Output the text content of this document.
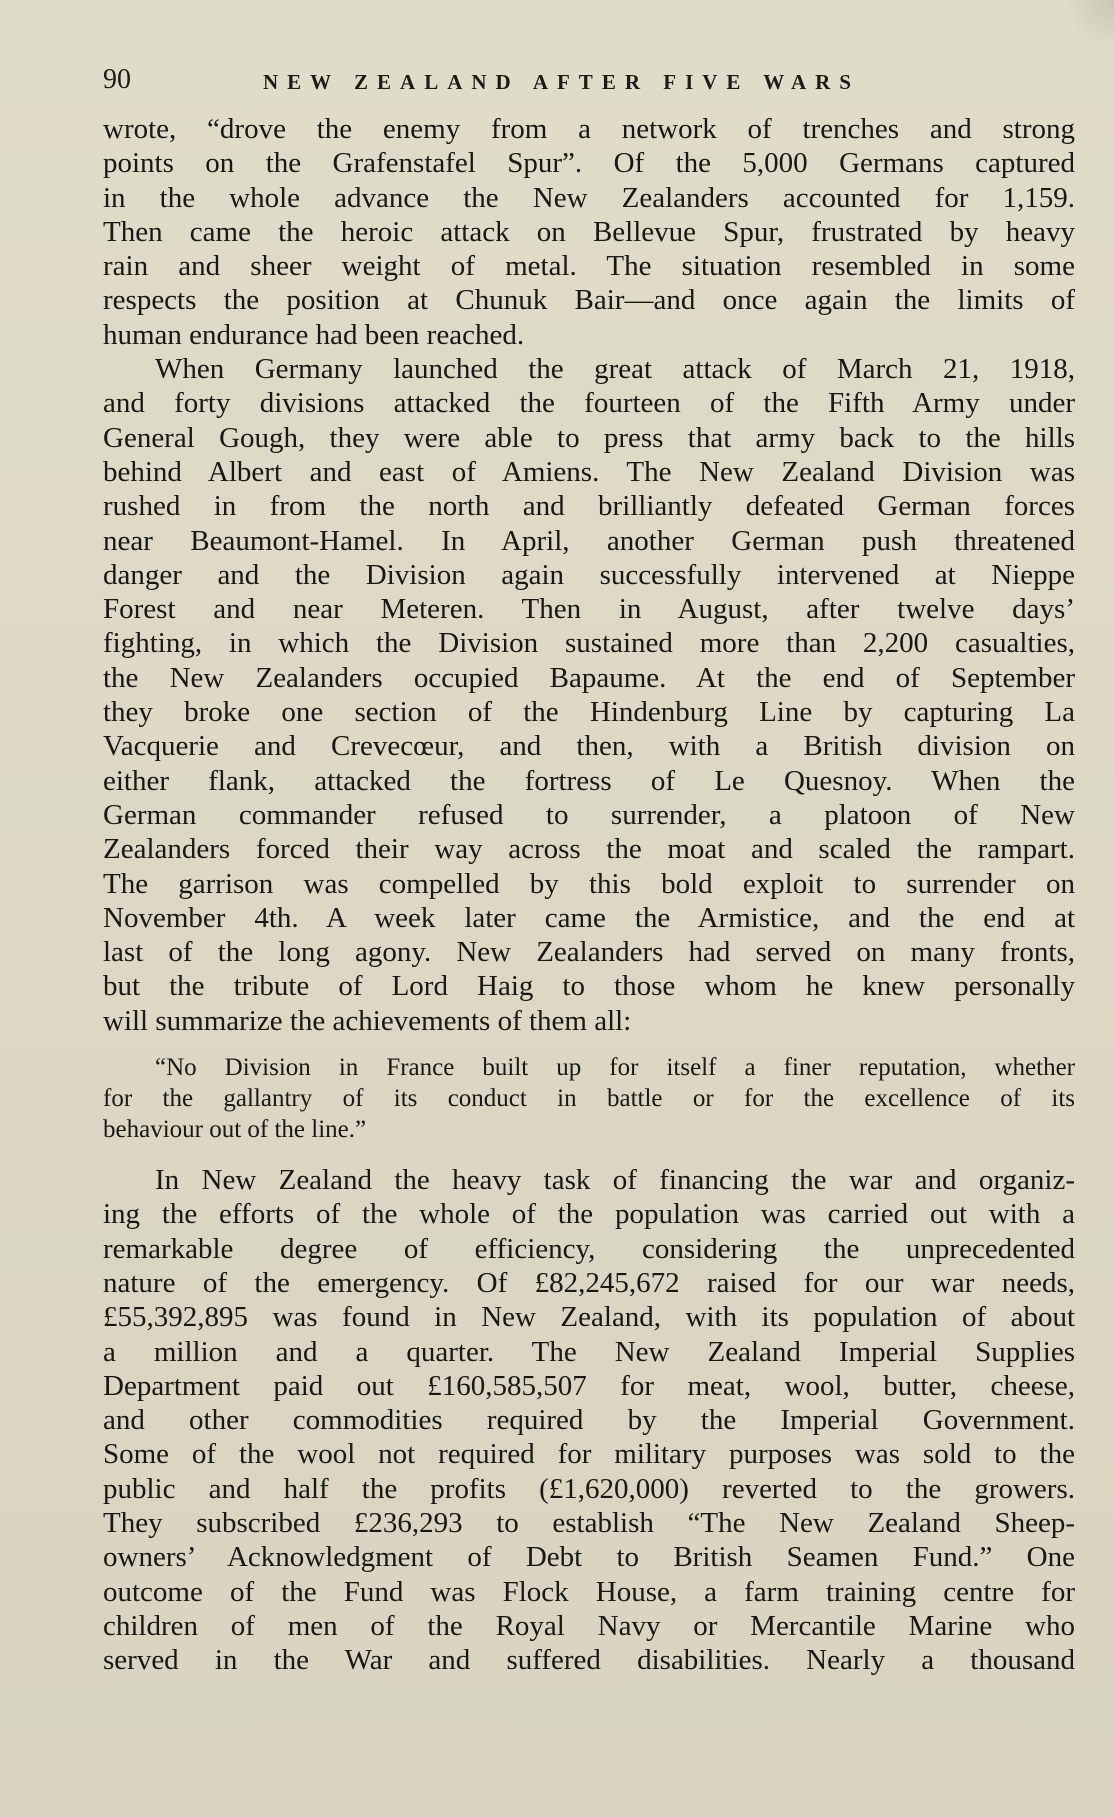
90	NEW ZEALAND AFTER FIVE WARS
wrote, “drove the enemy from a network of trenches and strong
points on the Grafenstafel Spur”. Of the 5,000 Germans captured
in the whole advance the New Zealanders accounted for 1,159.
Then came the heroic attack on Bellevue Spur, frustrated by heavy
rain and sheer weight of metal. The situation resembled in some
respects the position at Chunuk Bair—and once again the limits of
human endurance had been reached.
When Germany launched the great attack of March 21, 1918,
and forty divisions attacked the fourteen of the Fifth Army under
General Gough, they were able to press that army back to the hills
behind Albert and east of Amiens. The New Zealand Division was
rushed in from the north and brilliantly defeated German forces
near Beaumont-Hamel. In April, another German push threatened
danger and the Division again successfully intervened at Nieppe
Forest and near Meteren. Then in August, after twelve days’
fighting, in which the Division sustained more than 2,200 casualties,
the New Zealanders occupied Bapaume. At the end of September
they broke one section of the Hindenburg Line by capturing La
Vacquerie and Crevecœur, and then, with a British division on
either flank, attacked the fortress of Le Quesnoy. When the
German commander refused to surrender, a platoon of New
Zealanders forced their way across the moat and scaled the rampart.
The garrison was compelled by this bold exploit to surrender on
November 4th. A week later came the Armistice, and the end at
last of the long agony. New Zealanders had served on many fronts,
but the tribute of Lord Haig to those whom he knew personally
will summarize the achievements of them all:
“No Division in France built up for itself a finer reputation, whether
for the gallantry of its conduct in battle or for the excellence of its
behaviour out of the line.”
In New Zealand the heavy task of financing the war and organiz-
ing the efforts of the whole of the population was carried out with a
remarkable degree of efficiency, considering the unprecedented
nature of the emergency. Of £82,245,672 raised for our war needs,
£55,392,895 was found in New Zealand, with its population of about
a million and a quarter. The New Zealand Imperial Supplies
Department paid out £160,585,507 for meat, wool, butter, cheese,
and other commodities required by the Imperial Government.
Some of the wool not required for military purposes was sold to the
public and half the profits (£1,620,000) reverted to the growers.
They subscribed £236,293 to establish “The New Zealand Sheep-
owners’ Acknowledgment of Debt to British Seamen Fund.” One
outcome of the Fund was Flock House, a farm training centre for
children of men of the Royal Navy or Mercantile Marine who
served in the War and suffered disabilities. Nearly a thousand
